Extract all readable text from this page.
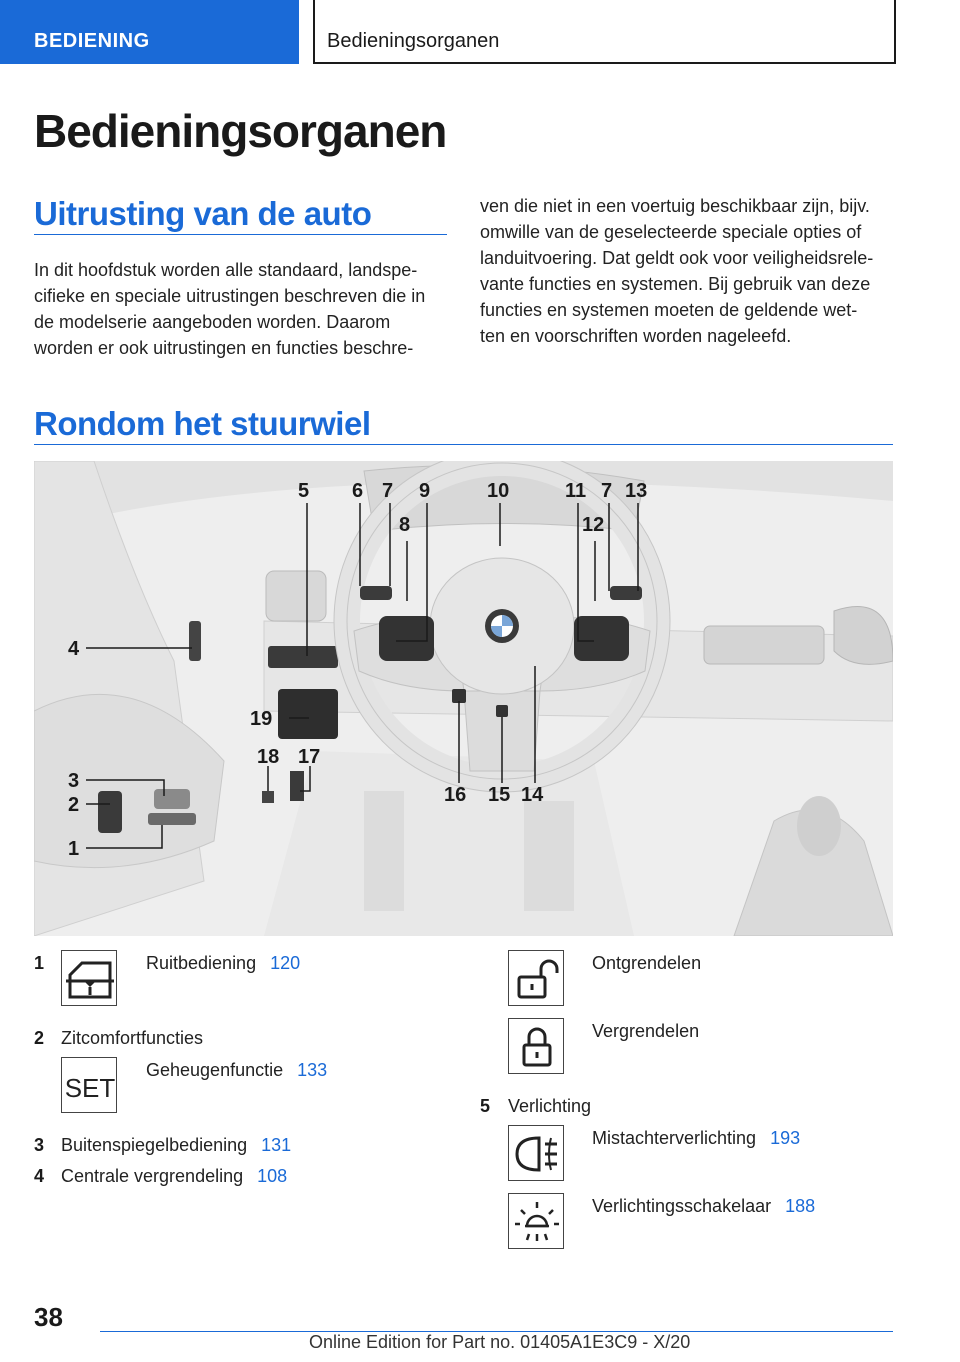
BEDIENING	Bedieningsorganen
Bedieningsorganen
Uitrusting van de auto
In dit hoofdstuk worden alle standaard, landspe-
cifieke en speciale uitrustingen beschreven die in
de modelserie aangeboden worden. Daarom
worden er ook uitrustingen en functies beschre-
ven die niet in een voertuig beschikbaar zijn, bijv.
omwille van de geselecteerde speciale opties of
landuitvoering. Dat geldt ook voor veiligheidsrele-
vante functies en systemen. Bij gebruik van deze
functies en systemen moeten de geldende wet-
ten en voorschriften worden nageleefd.
Rondom het stuurwiel
5 6 7
8
9	10	11
12
7 13
4
19
18 17
3
2
1
16 15 14
1	Ruitbediening 120
2 Zitcomfortfuncties
SET
Geheugenfunctie 133
3 Buitenspiegelbediening 131
4 Centrale vergrendeling 108
Ontgrendelen
Vergrendelen
5 Verlichting
Mistachterverlichting 193
Verlichtingsschakelaar 188
38
Online Edition for Part no. 01405A1E3C9 - X/20
